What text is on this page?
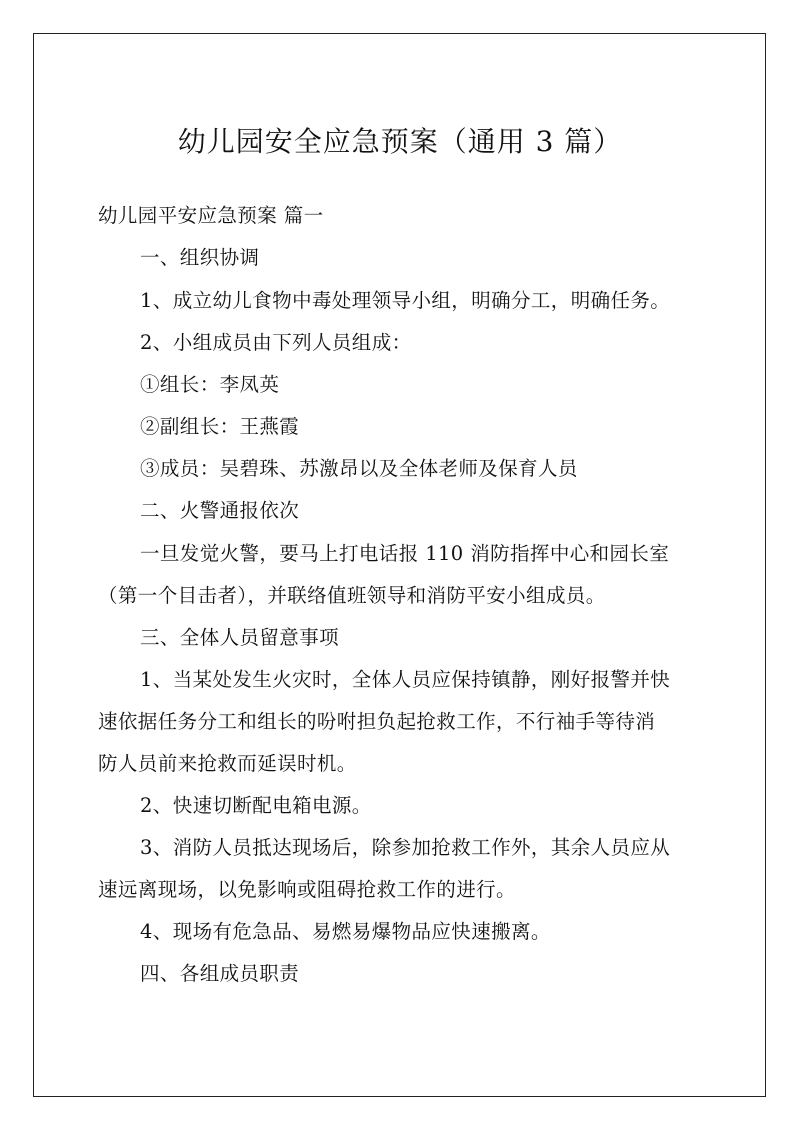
幼儿园安全应急预案（通用 3 篇）
幼儿园平安应急预案 篇一
一、组织协调
1、成立幼儿食物中毒处理领导小组，明确分工，明确任务。
2、小组成员由下列人员组成：
①组长：李凤英
②副组长：王燕霞
③成员：吴碧珠、苏激昂以及全体老师及保育人员
二、火警通报依次
一旦发觉火警，要马上打电话报 110 消防指挥中心和园长室
（第一个目击者），并联络值班领导和消防平安小组成员。
三、全体人员留意事项
1、当某处发生火灾时，全体人员应保持镇静，刚好报警并快
速依据任务分工和组长的吩咐担负起抢救工作，不行袖手等待消
防人员前来抢救而延误时机。
2、快速切断配电箱电源。
3、消防人员抵达现场后，除参加抢救工作外，其余人员应从
速远离现场，以免影响或阻碍抢救工作的进行。
4、现场有危急品、易燃易爆物品应快速搬离。
四、各组成员职责
